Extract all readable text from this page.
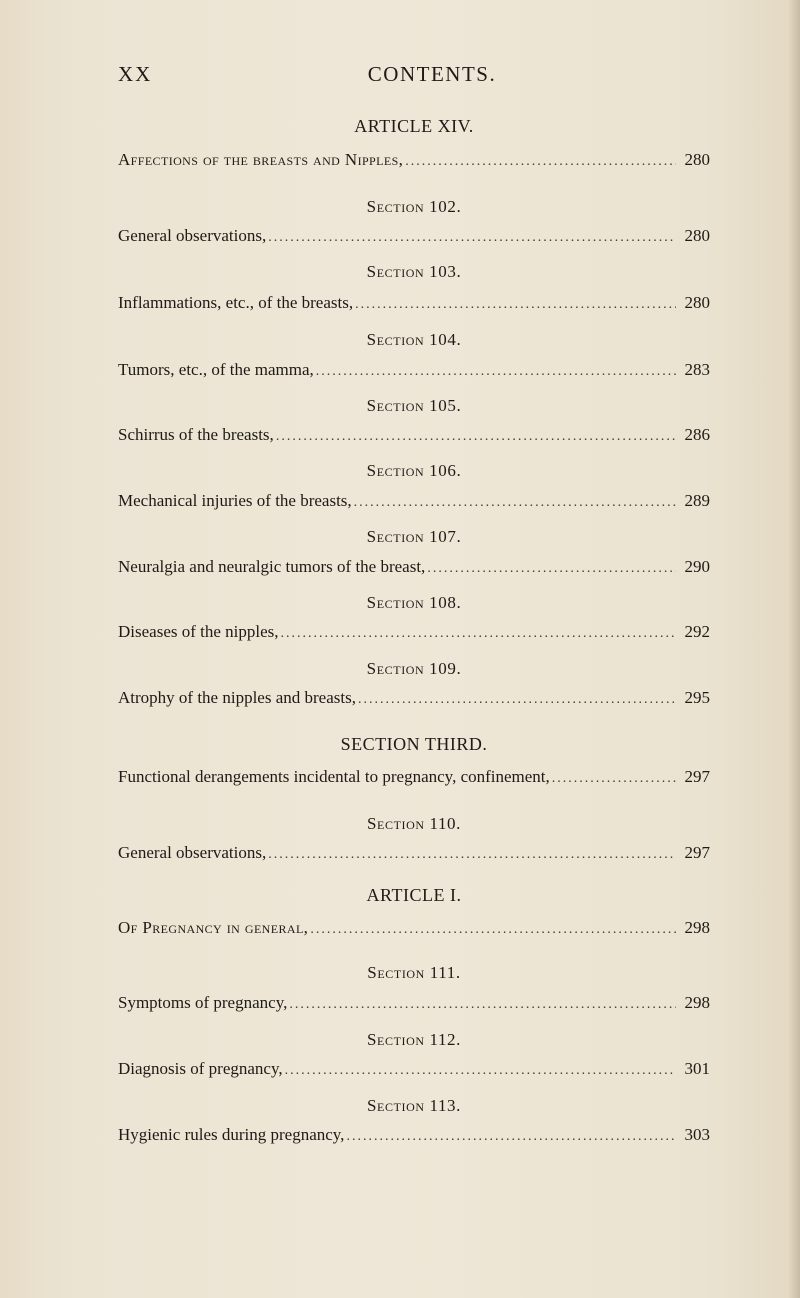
XX	CONTENTS.
ARTICLE XIV.
Affections of the breasts and Nipples, .....	280
Section 102.
General observations, .....	280
Section 103.
Inflammations, etc., of the breasts, .....	280
Section 104.
Tumors, etc., of the mamma, .....	283
Section 105.
Schirrus of the breasts, .....	286
Section 106.
Mechanical injuries of the breasts, .....	289
Section 107.
Neuralgia and neuralgic tumors of the breast, .....	290
Section 108.
Diseases of the nipples, .....	292
Section 109.
Atrophy of the nipples and breasts, .....	295
SECTION THIRD.
Functional derangements incidental to pregnancy, confinement, .....	297
Section 110.
General observations, .....	297
ARTICLE I.
Of Pregnancy in general, .....	298
Section 111.
Symptoms of pregnancy, .....	298
Section 112.
Diagnosis of pregnancy, .....	301
Section 113.
Hygienic rules during pregnancy, .....	303
